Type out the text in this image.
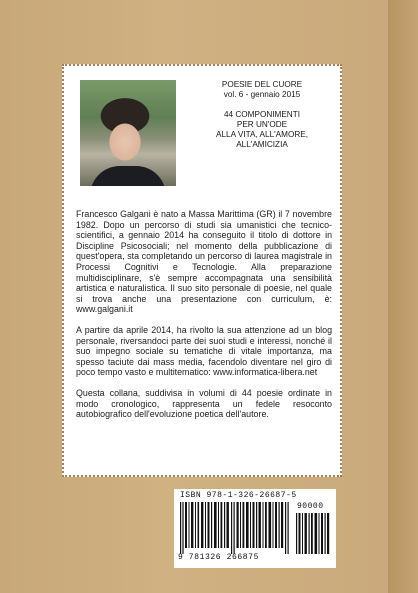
POESIE DEL CUORE
vol. 6 - gennaio 2015
44 COMPONIMENTI
PER UN'ODE
ALLA VITA, ALL'AMORE,
ALL'AMICIZIA

Francesco Galgani è nato a Massa Marittima (GR) il 7 novembre 1982. Dopo un percorso di studi sia umanistici che tecnico-scientifici, a gennaio 2014 ha conseguito il titolo di dottore in Discipline Psicosociali; nel momento della pubblicazione di quest'opera, sta completando un percorso di laurea magistrale in Processi Cognitivi e Tecnologie. Alla preparazione multidisciplinare, s'è sempre accompagnata una sensibilità artistica e naturalistica. Il suo sito personale di poesie, nel quale si trova anche una presentazione con curriculum, è: www.galgani.it

A partire da aprile 2014, ha rivolto la sua attenzione ad un blog personale, riversandoci parte dei suoi studi e interessi, nonché il suo impegno sociale su tematiche di vitale importanza, ma spesso taciute dai mass media, facendolo diventare nel giro di poco tempo vasto e multitematico: www.informatica-libera.net

Questa collana, suddivisa in volumi di 44 poesie ordinate in modo cronologico, rappresenta un fedele resoconto autobiografico dell'evoluzione poetica dell'autore.

ISBN 978-1-326-26687-5
90000
9 781326 266875
